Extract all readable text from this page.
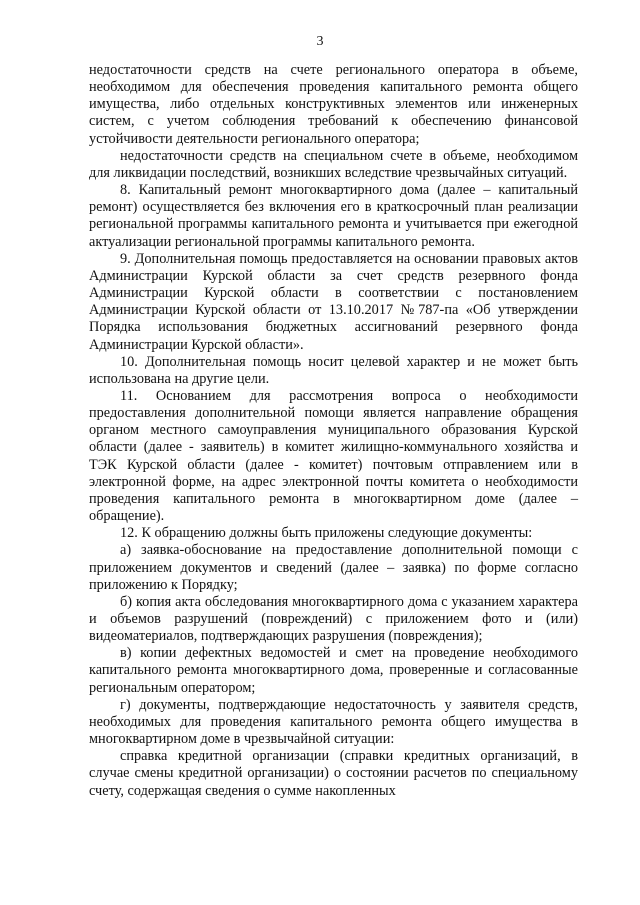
3

недостаточности средств на счете регионального оператора в объеме, необходимом для обеспечения проведения капитального ремонта общего имущества, либо отдельных конструктивных элементов или инженерных систем, с учетом соблюдения требований к обеспечению финансовой устойчивости деятельности регионального оператора;

недостаточности средств на специальном счете в объеме, необходимом для ликвидации последствий, возникших вследствие чрезвычайных ситуаций.

8. Капитальный ремонт многоквартирного дома (далее – капитальный ремонт) осуществляется без включения его в краткосрочный план реализации региональной программы капитального ремонта и учитывается при ежегодной актуализации региональной программы капитального ремонта.

9. Дополнительная помощь предоставляется на основании правовых актов Администрации Курской области за счет средств резервного фонда Администрации Курской области в соответствии с постановлением Администрации Курской области от 13.10.2017 №787-па «Об утверждении Порядка использования бюджетных ассигнований резервного фонда Администрации Курской области».

10. Дополнительная помощь носит целевой характер и не может быть использована на другие цели.

11. Основанием для рассмотрения вопроса о необходимости предоставления дополнительной помощи является направление обращения органом местного самоуправления муниципального образования Курской области (далее - заявитель) в комитет жилищно-коммунального хозяйства и ТЭК Курской области (далее - комитет) почтовым отправлением или в электронной форме, на адрес электронной почты комитета о необходимости проведения капитального ремонта в многоквартирном доме (далее – обращение).

12. К обращению должны быть приложены следующие документы:

а) заявка-обоснование на предоставление дополнительной помощи с приложением документов и сведений (далее – заявка) по форме согласно приложению к Порядку;

б) копия акта обследования многоквартирного дома с указанием характера и объемов разрушений (повреждений) с приложением фото и (или) видеоматериалов, подтверждающих разрушения (повреждения);

в) копии дефектных ведомостей и смет на проведение необходимого капитального ремонта многоквартирного дома, проверенные и согласованные региональным оператором;

г) документы, подтверждающие недостаточность у заявителя средств, необходимых для проведения капитального ремонта общего имущества в многоквартирном доме в чрезвычайной ситуации:

справка кредитной организации (справки кредитных организаций, в случае смены кредитной организации) о состоянии расчетов по специальному счету, содержащая сведения о сумме накопленных
